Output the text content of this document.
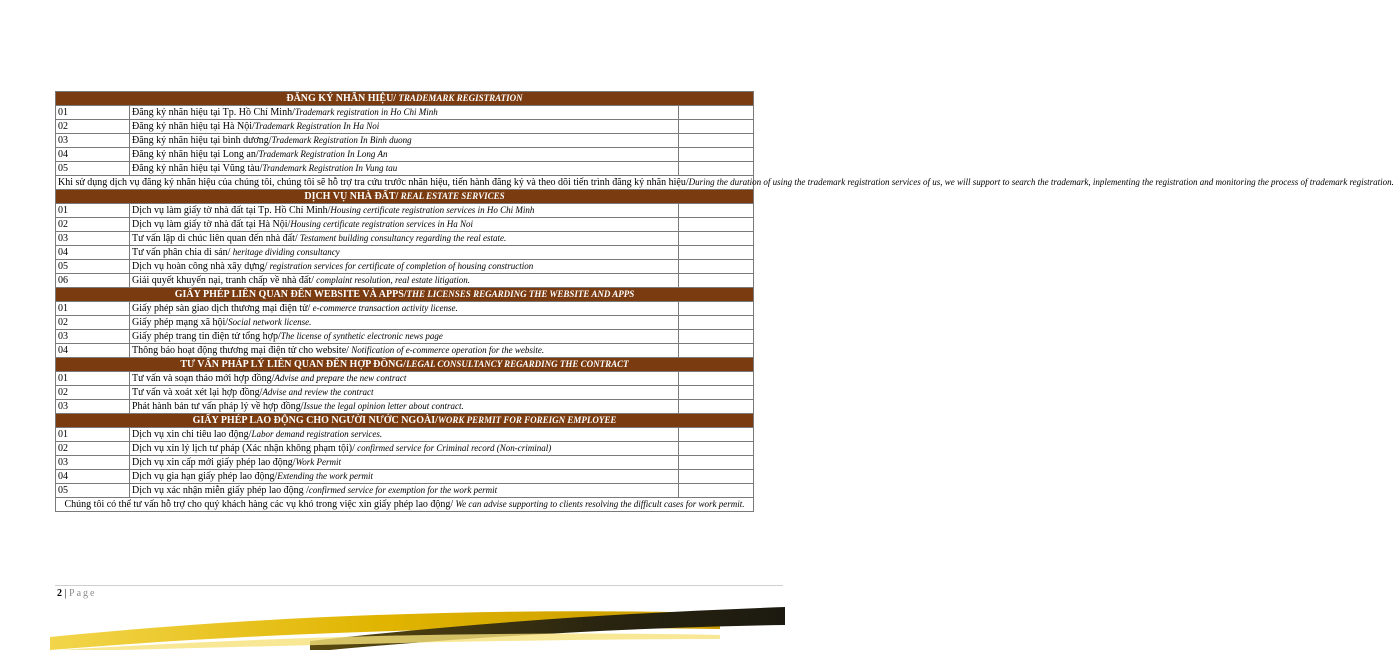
ĐĂNG KÝ NHÃN HIỆU/ TRADEMARK REGISTRATION		
01	Đăng ký nhãn hiệu tại Tp. Hồ Chí Minh/Trademark registration in Ho Chi Minh	
02	Đăng ký nhãn hiệu tại Hà Nội/Trademark Registration In Ha Noi	
03	Đăng ký nhãn hiệu tại bình dương/Trademark Registration In Binh duong	
04	Đăng ký nhãn hiệu tại Long an/Trademark Registration In Long An	
05	Đăng ký nhãn hiệu tại Vũng tàu/Trandemark Registration In Vung tau	
Khi sử dụng dịch vụ đăng ký nhãn hiệu của chúng tôi, chúng tôi sẽ hỗ trợ tra cứu trước nhãn hiệu, tiến hành đăng ký và theo dõi tiến trình đăng ký nhãn hiệu/During the duration of using the trademark registration services of us, we will support to search the trademark, inplementing the registration and monitoring the process of trademark registration.		
DỊCH VỤ NHÀ ĐẤT/ REAL ESTATE SERVICES		
01	Dịch vụ làm giấy tờ nhà đất tại Tp. Hồ Chí Minh/Housing certificate registration services in Ho Chi Minh	
02	Dịch vụ làm giấy tờ nhà đất tại Hà Nội/Housing certificate registration services in Ha Noi	
03	Tư vấn lập di chúc liên quan đến nhà đất/ Testament building consultancy regarding the real estate.	
04	Tư vấn phân chia di sản/ heritage dividing consultancy	
05	Dịch vụ hoàn công nhà xây dựng/ registration services for certificate of completion of housing construction	
06	Giải quyết khuyến nại, tranh chấp về nhà đất/ complaint resolution, real estate litigation.	
GIẤY PHÉP LIÊN QUAN ĐẾN WEBSITE VÀ APPS/THE LICENSES REGARDING THE WEBSITE AND APPS		
01	Giấy phép sàn giao dịch thương mại điện tử/ e-commerce transaction activity license.	
02	Giấy phép mạng xã hội/Social network license.	
03	Giấy phép trang tin điện tử tổng hợp/The license of synthetic electronic news page	
04	Thông báo hoạt động thương mại điện tử cho website/ Notification of e-commerce operation for the website.	
TƯ VẤN PHÁP LÝ LIÊN QUAN ĐẾN HỢP ĐỒNG/LEGAL CONSULTANCY REGARDING THE CONTRACT		
01	Tư vấn và soạn thảo mới hợp đồng/Advise and prepare the new contract	
02	Tư vấn và xoát xét lại hợp đồng/Advise and review the contract	
03	Phát hành bản tư vấn pháp lý về hợp đồng/Issue the legal opinion letter about contract.	
GIẤY PHÉP LAO ĐỘNG CHO NGƯỜI NƯỚC NGOÀI/WORK PERMIT FOR FOREIGN EMPLOYEE		
01	Dịch vụ xin chi tiêu lao động/Labor demand registration services.	
02	Dịch vụ xin lý lịch tư pháp (Xác nhận không phạm tội)/ confirmed service for Criminal record (Non-criminal)	
03	Dịch vụ xin cấp mới giấy phép lao động/Work Permit	
04	Dịch vụ gia hạn giấy phép lao động/Extending the work permit	
05	Dịch vụ xác nhận miễn giấy phép lao động /confirmed service for exemption for the work permit	
Chúng tôi có thể tư vấn hỗ trợ cho quý khách hàng các vụ khó trong việc xin giấy phép lao động/ We can advise supporting to clients resolving the difficult cases for work permit.		
2 | Page
